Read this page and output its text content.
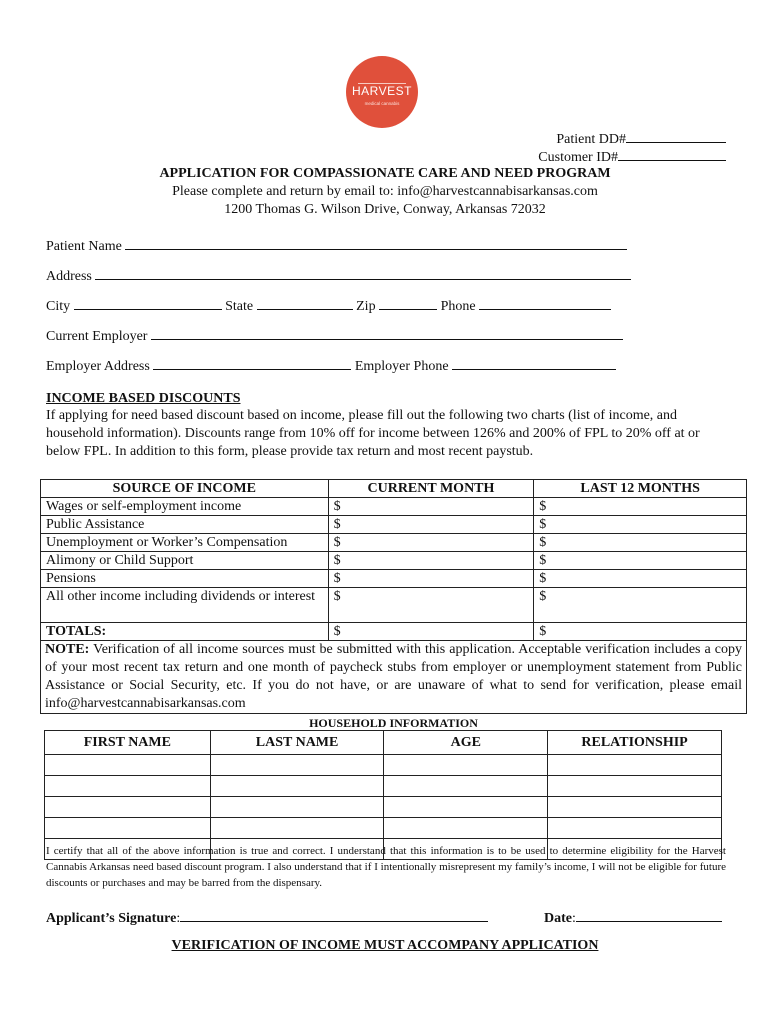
HARVEST
medical cannabis
Patient DD#
Customer ID#
APPLICATION FOR COMPASSIONATE CARE AND NEED PROGRAM
Please complete and return by email to: info@harvestcannabisarkansas.com
1200 Thomas G. Wilson Drive, Conway, Arkansas 72032
Patient Name
Address
City	State	Zip	Phone
Current Employer
Employer Address	Employer Phone
INCOME BASED DISCOUNTS
If applying for need based discount based on income, please fill out the following two charts (list of income, and household information). Discounts range from 10% off for income between 126% and 200% of FPL to 20% off at or below FPL. In addition to this form, please provide tax return and most recent paystub.
SOURCE OF INCOME	CURRENT MONTH	LAST 12 MONTHS
Wages or self-employment income	$	$
Public Assistance	$	$
Unemployment or Worker’s Compensation	$	$
Alimony or Child Support	$	$
Pensions	$	$
All other income including dividends or interest	$	$
TOTALS:	$	$
NOTE: Verification of all income sources must be submitted with this application. Acceptable verification includes a copy of your most recent tax return and one month of paycheck stubs from employer or unemployment statement from Public Assistance or Social Security, etc. If you do not have, or are unaware of what to send for verification, please email info@harvestcannabisarkansas.com		
HOUSEHOLD INFORMATION
FIRST NAME	LAST NAME	AGE	RELATIONSHIP

I certify that all of the above information is true and correct. I understand that this information is to be used to determine eligibility for the Harvest Cannabis Arkansas need based discount program. I also understand that if I intentionally misrepresent my family’s income, I will not be eligible for future discounts or purchases and may be barred from the dispensary.
Applicant’s Signature:	Date:
VERIFICATION OF INCOME MUST ACCOMPANY APPLICATION
